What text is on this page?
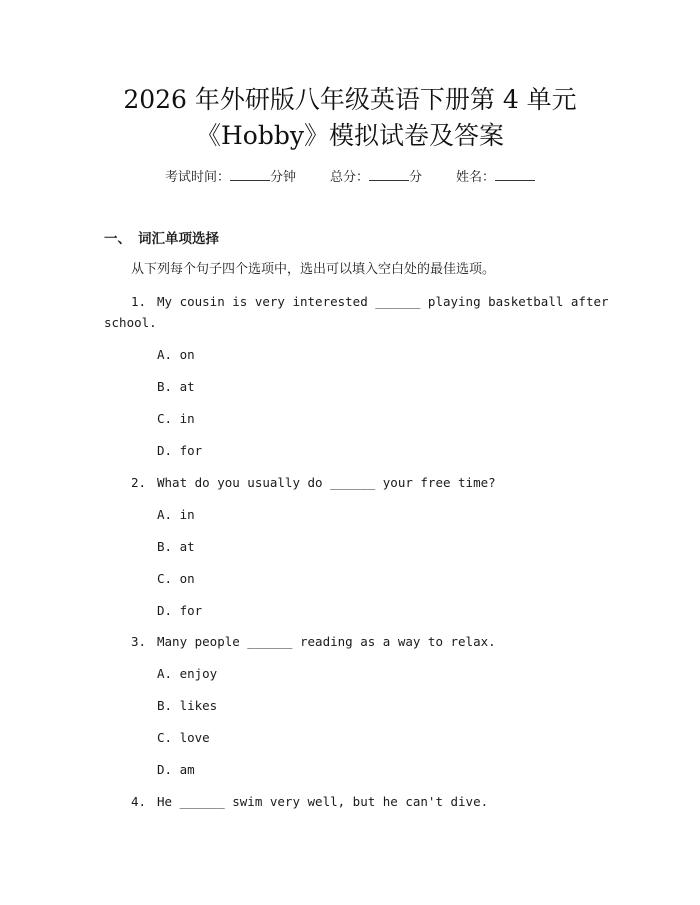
2026 年外研版八年级英语下册第 4 单元
《Hobby》模拟试卷及答案
考试时间：	分钟	总分：	分	姓名：
一、 词汇单项选择
从下列每个句子四个选项中，选出可以填入空白处的最佳选项。
1. My cousin is very interested ______ playing basketball after
school.
A. on
B. at
C. in
D. for
2. What do you usually do ______ your free time?
A. in
B. at
C. on
D. for
3. Many people ______ reading as a way to relax.
A. enjoy
B. likes
C. love
D. am
4. He ______ swim very well, but he can't dive.
